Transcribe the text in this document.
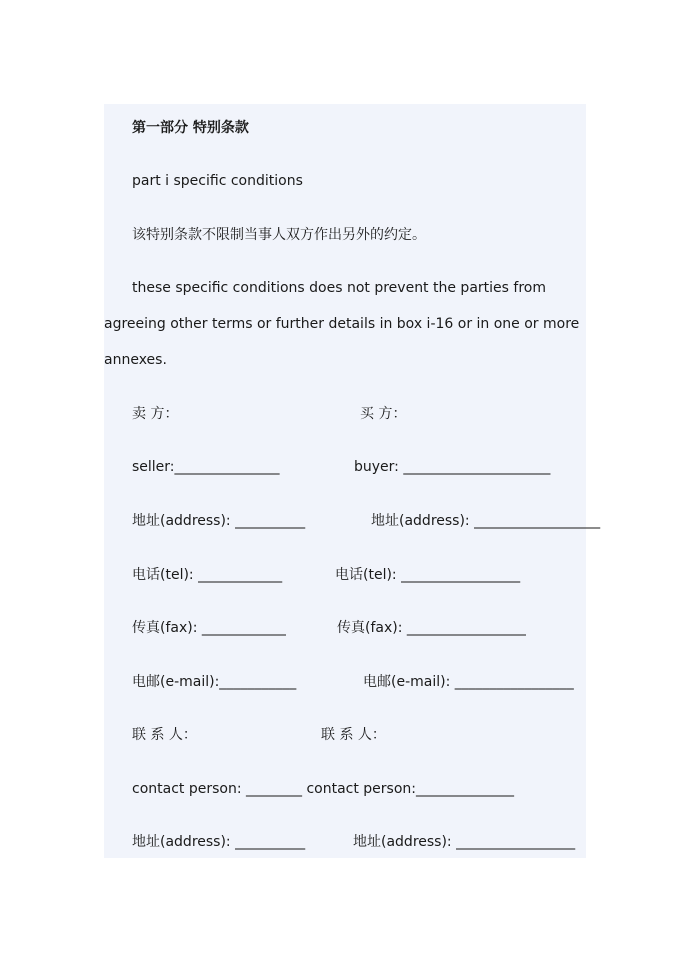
第一部分 特别条款
part i specific conditions
该特别条款不限制当事人双方作出另外的约定。
these specific conditions does not prevent the parties from
agreeing other terms or further details in box i-16 or in one or more
annexes.
卖 方：	买 方：
seller:_______________	buyer: _____________________
地址(address): __________	地址(address): __________________
电话(tel): ____________	电话(tel): _________________
传真(fax): ____________	传真(fax): _________________
电邮(e-mail):___________	电邮(e-mail): _________________
联 系 人：	联 系 人：
contact person: ________ contact person:______________
地址(address): __________	地址(address): _________________
